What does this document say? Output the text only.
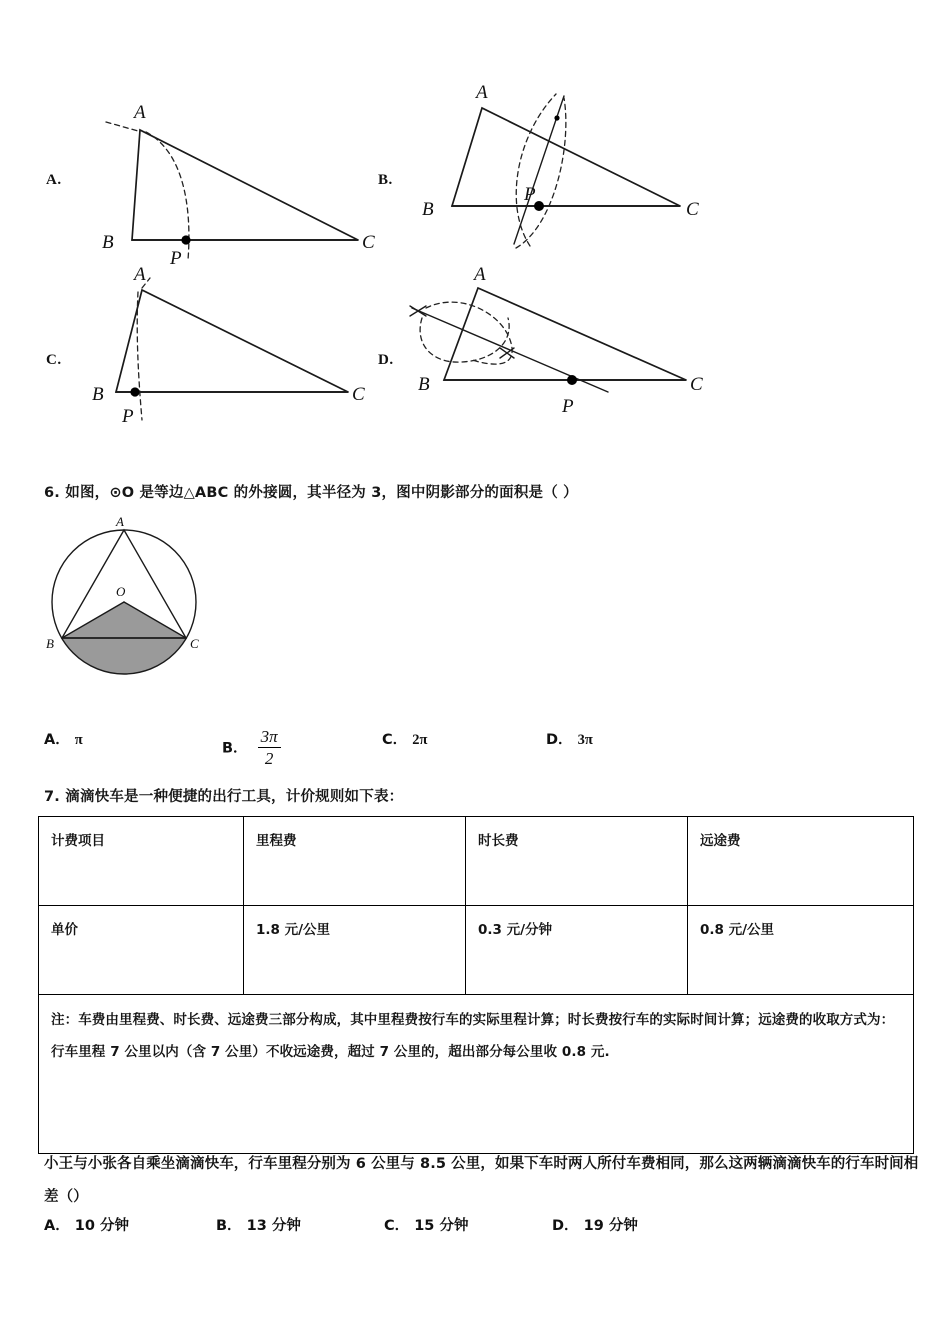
A.
B
A
C
P
B.
B
A
C
P
C.
B
A
C
P
D.
B
A
C
P
6. 如图，⊙O 是等边△ABC 的外接圆，其半径为 3，图中阴影部分的面积是（ ）
A
O
B	C
A． π
B． $\frac{3\pi}{2}$	C． 2π	D． 3π
7. 滴滴快车是一种便捷的出行工具，计价规则如下表：
计费项目	里程费	时长费	远途费
单价	1.8 元/公里	0.3 元/分钟	0.8 元/公里
注：车费由里程费、时长费、远途费三部分构成，其中里程费按行车的实际里程计算；时长费按行车的实际时间计算；远途费的收取方式为：行车里程 7 公里以内（含 7 公里）不收远途费，超过 7 公里的，超出部分每公里收 0.8 元.			
小王与小张各自乘坐滴滴快车，行车里程分别为 6 公里与 8.5 公里，如果下车时两人所付车费相同，那么这两辆滴滴快车的行车时间相差（）
A． 10 分钟	B． 13 分钟	C． 15 分钟	D． 19 分钟
